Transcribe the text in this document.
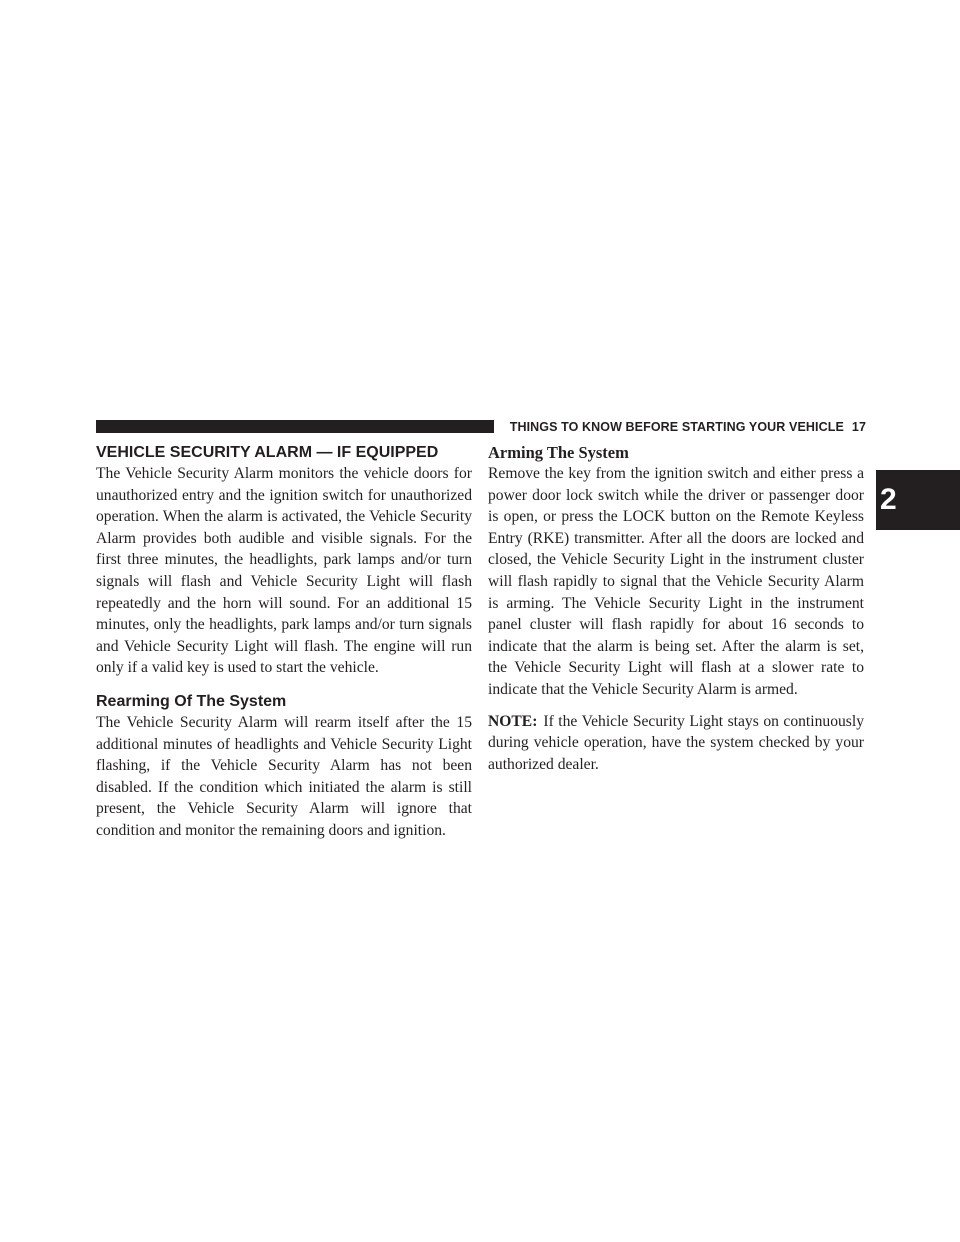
THINGS TO KNOW BEFORE STARTING YOUR VEHICLE 17
2
VEHICLE SECURITY ALARM — IF EQUIPPED

The Vehicle Security Alarm monitors the vehicle doors for unauthorized entry and the ignition switch for unauthorized operation. When the alarm is activated, the Vehicle Security Alarm provides both audible and visible signals. For the first three minutes, the headlights, park lamps and/or turn signals will flash and Vehicle Security Light will flash repeatedly and the horn will sound. For an additional 15 minutes, only the headlights, park lamps and/or turn signals and Vehicle Security Light will flash. The engine will run only if a valid key is used to start the vehicle.

Rearming Of The System

The Vehicle Security Alarm will rearm itself after the 15 additional minutes of headlights and Vehicle Security Light flashing, if the Vehicle Security Alarm has not been disabled. If the condition which initiated the alarm is still present, the Vehicle Security Alarm will ignore that condition and monitor the remaining doors and ignition.

Arming The System

Remove the key from the ignition switch and either press a power door lock switch while the driver or passenger door is open, or press the LOCK button on the Remote Keyless Entry (RKE) transmitter. After all the doors are locked and closed, the Vehicle Security Light in the instrument cluster will flash rapidly to signal that the Vehicle Security Alarm is arming. The Vehicle Security Light in the instrument panel cluster will flash rapidly for about 16 seconds to indicate that the alarm is being set. After the alarm is set, the Vehicle Security Light will flash at a slower rate to indicate that the Vehicle Security Alarm is armed.

NOTE: If the Vehicle Security Light stays on continuously during vehicle operation, have the system checked by your authorized dealer.
